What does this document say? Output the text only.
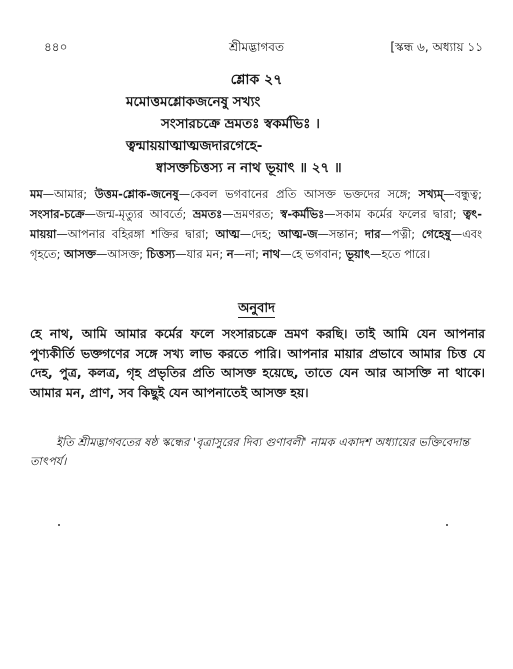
৪৪০	শ্রীমদ্ভাগবত	[স্কন্ধ ৬, অধ্যায় ১১
শ্লোক ২৭
মমোত্তমশ্লোকজনেষু সখ্যং
সংসারচক্রে ভ্রমতঃ স্বকর্মভিঃ ।
ত্বন্মায়য়াত্মাত্মজদারগেহে-
ষ্বাসক্তচিত্তস্য ন নাথ ভূয়াৎ ॥ ২৭ ॥
মম—আমার; উত্তম-শ্লোক-জনেষু—কেবল ভগবানের প্রতি আসক্ত ভক্তদের সঙ্গে; সখ্যম্—বন্ধুত্ব; সংসার-চক্রে—জন্ম-মৃত্যুর আবর্তে; ভ্রমতঃ—ভ্রমণরত; স্ব-কর্মভিঃ—সকাম কর্মের ফলের দ্বারা; ত্বৎ-মায়য়া—আপনার বহিরঙ্গা শক্তির দ্বারা; আত্ম—দেহ; আত্ম-জ—সন্তান; দার—পত্নী; গেহেষু—এবং গৃহতে; আসক্ত—আসক্ত; চিত্তস্য—যার মন; ন—না; নাথ—হে ভগবান; ভূয়াৎ—হতে পারে।
অনুবাদ
হে নাথ, আমি আমার কর্মের ফলে সংসারচক্রে ভ্রমণ করছি। তাই আমি যেন আপনার পুণ্যকীর্তি ভক্তগণের সঙ্গে সখ্য লাভ করতে পারি। আপনার মায়ার প্রভাবে আমার চিত্ত যে দেহ, পুত্র, কলত্র, গৃহ প্রভৃতির প্রতি আসক্ত হয়েছে, তাতে যেন আর আসক্তি না থাকে। আমার মন, প্রাণ, সব কিছুই যেন আপনাতেই আসক্ত হয়।
ইতি শ্রীমদ্ভাগবতের ষষ্ঠ স্কন্ধের 'বৃত্রাসুরের দিব্য গুণাবলী' নামক একাদশ অধ্যায়ের ভক্তিবেদান্ত তাৎপর্য।
